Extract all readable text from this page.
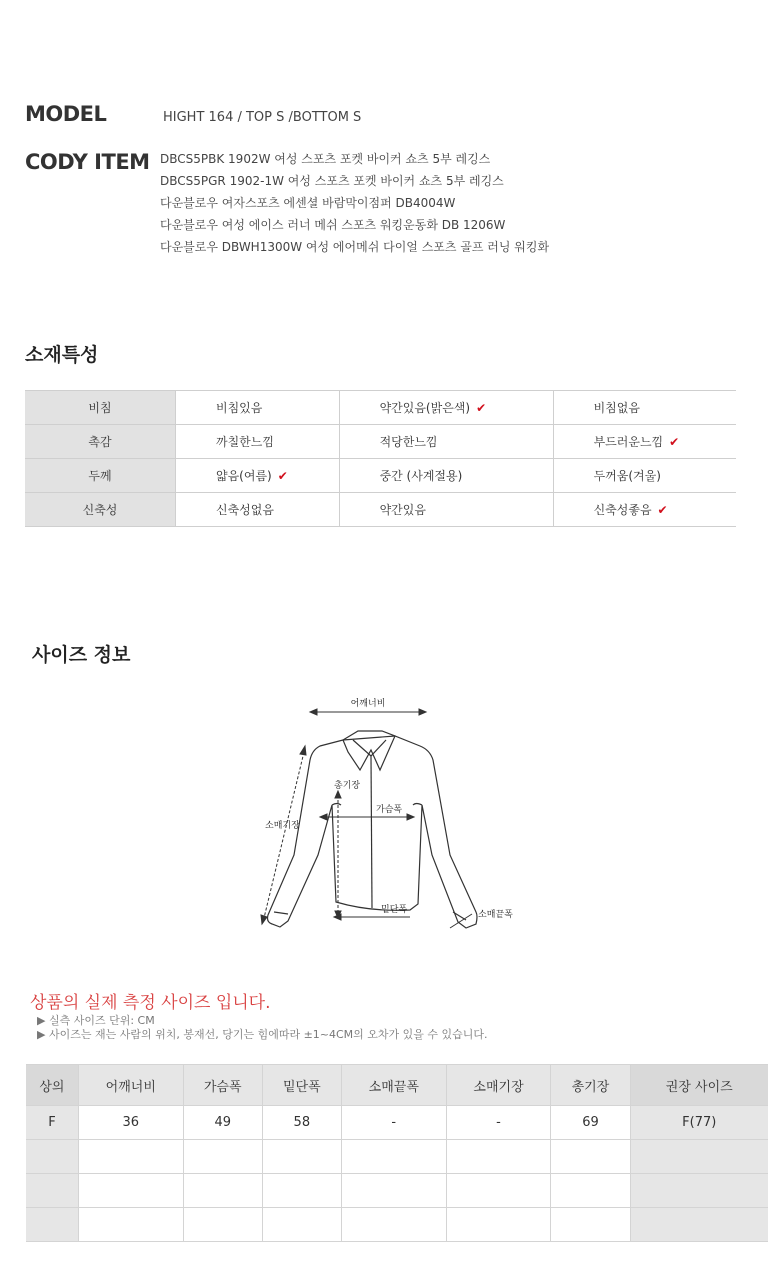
MODEL	HIGHT 164 / TOP S /BOTTOM S
CODY ITEM DBCS5PBK 1902W 여성 스포츠 포켓 바이커 쇼츠 5부 레깅스
DBCS5PGR 1902-1W 여성 스포츠 포켓 바이커 쇼츠 5부 레깅스
다운블로우 여자스포츠 에센셜 바람막이점퍼 DB4004W
다운블로우 여성 에이스 러너 메쉬 스포츠 워킹운동화 DB 1206W
다운블로우 DBWH1300W 여성 에어메쉬 다이얼 스포츠 골프 러닝 워킹화
소재특성
비침	비침있음	약간있음(밝은색) ✔	비침없음
촉감	까칠한느낌	적당한느낌	부드러운느낌 ✔
두께	얇음(여름) ✔	중간 (사계절용)	두꺼움(겨울)
신축성	신축성없음	약간있음	신축성좋음 ✔
사이즈 정보
어깨너비
총기장
가슴폭
소매기장
밑단폭	소매끝폭
상품의 실제 측정 사이즈 입니다.
▶ 실측 사이즈 단위: CM
▶ 사이즈는 재는 사람의 위치, 봉재선, 당기는 힘에따라 ±1~4CM의 오차가 있을 수 있습니다.
상의	어깨너비	가슴폭	밑단폭	소매끝폭	소매기장	총기장	권장 사이즈
F	36	49	58	-	-	69	F(77)
